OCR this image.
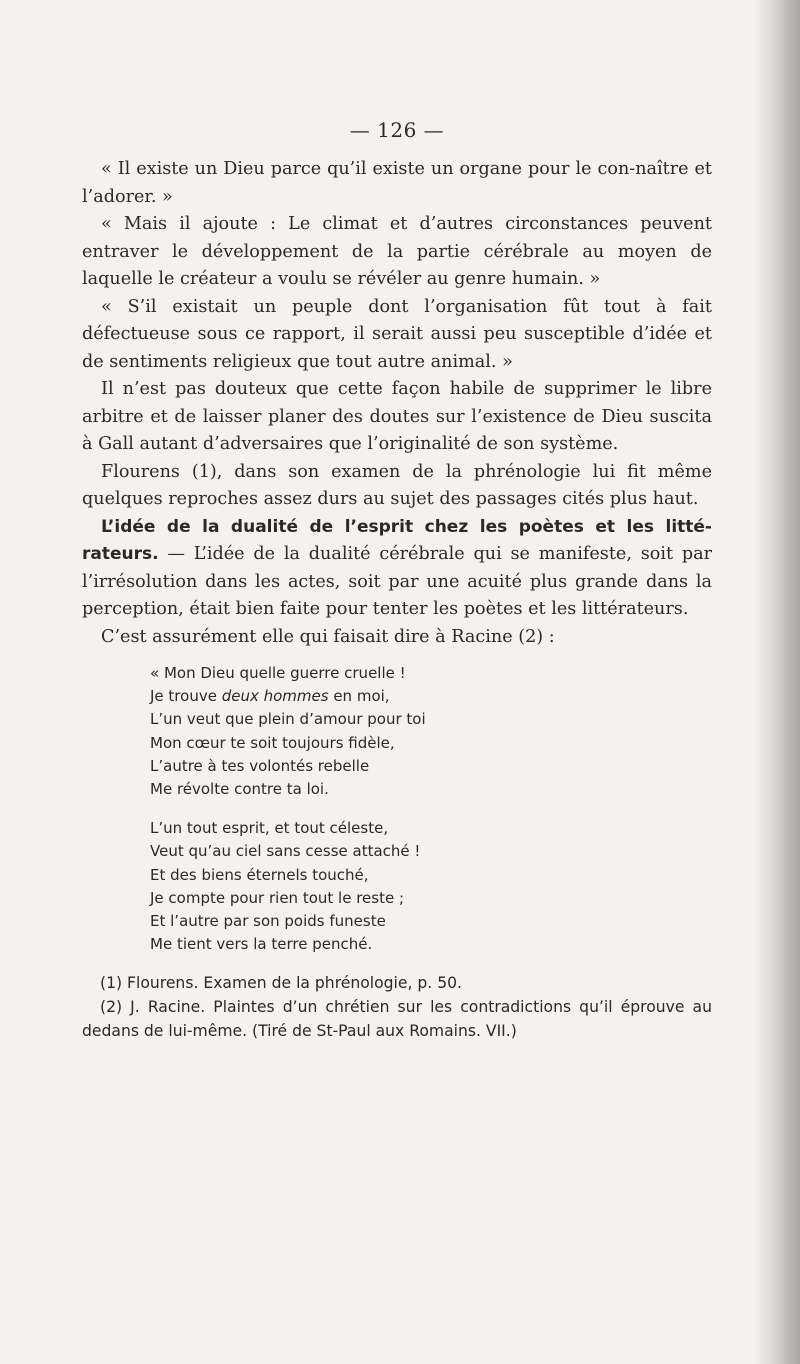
— 126 —

« Il existe un Dieu parce qu’il existe un organe pour le con-naître et l’adorer. »

« Mais il ajoute : Le climat et d’autres circonstances peuvent entraver le développement de la partie cérébrale au moyen de laquelle le créateur a voulu se révéler au genre humain. »

« S’il existait un peuple dont l’organisation fût tout à fait défectueuse sous ce rapport, il serait aussi peu susceptible d’idée et de sentiments religieux que tout autre animal. »

Il n’est pas douteux que cette façon habile de supprimer le libre arbitre et de laisser planer des doutes sur l’existence de Dieu suscita à Gall autant d’adversaires que l’originalité de son système.

Flourens (1), dans son examen de la phrénologie lui fit même quelques reproches assez durs au sujet des passages cités plus haut.

L’idée de la dualité de l’esprit chez les poètes et les litté-rateurs. — L’idée de la dualité cérébrale qui se manifeste, soit par l’irrésolution dans les actes, soit par une acuité plus grande dans la perception, était bien faite pour tenter les poètes et les littérateurs.

C’est assurément elle qui faisait dire à Racine (2) :

« Mon Dieu quelle guerre cruelle !
Je trouve deux hommes en moi,
L’un veut que plein d’amour pour toi
Mon cœur te soit toujours fidèle,
L’autre à tes volontés rebelle
Me révolte contre ta loi.
L’un tout esprit, et tout céleste,
Veut qu’au ciel sans cesse attaché !
Et des biens éternels touché,
Je compte pour rien tout le reste ;
Et l’autre par son poids funeste
Me tient vers la terre penché.

(1) Flourens. Examen de la phrénologie, p. 50.

(2) J. Racine. Plaintes d’un chrétien sur les contradictions qu’il éprouve au dedans de lui-même. (Tiré de St-Paul aux Romains. VII.)
